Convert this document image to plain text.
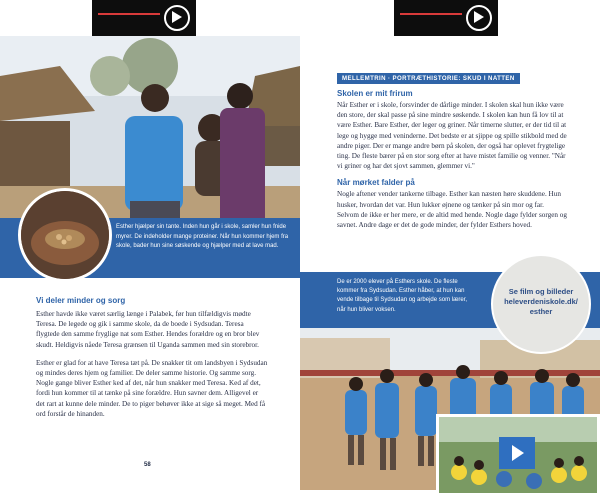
Esther hjælper sin tante. Inden hun går i skole, samler hun fnide myrer. De indeholder mange proteiner. Når hun kommer hjem fra skole, bader hun sine søskende og hjælper med at lave mad.
Vi deler minder og sorg
Esther havde ikke været særlig længe i Palabek, før hun tilfældigvis mødte Teresa. De legede og gik i samme skole, da de boede i Sydsudan. Teresa flygtede den samme fryglige nat som Esther. Hendes forældre og en bror blev skudt. Heldigvis nåede Teresa grænsen til Uganda sammen med sin storebror.
Esther er glad for at have Teresa tæt på. De snakker tit om landsbyen i Sydsudan og mindes deres hjem og familier. De deler samme historie. Og samme sorg. Nogle gange bliver Esther ked af det, når hun snakker med Teresa. Ked af det, fordi hun kommer til at tænke på sine forældre. Hun savner dem. Alligevel er det rart at kunne dele minder. De to piger behøver ikke at sige så meget. Med få ord forstår de hinanden.
58
MELLEMTRIN · PORTRÆTHISTORIE: SKUD I NATTEN
Skolen er mit frirum
Når Esther er i skole, forsvinder de dårlige minder. I skolen skal hun ikke være den store, der skal passe på sine mindre søskende. I skolen kan hun få lov til at være Esther. Bare Esther, der leger og griner. Når timerne slutter, er der tid til at lege og hygge med veninderne. Det bedste er at sjippe og spille stikbold med de andre piger. Der er mange andre børn på skolen, der også har oplevet frygtelige ting. De fleste bærer på en stor sorg efter at have mistet familie og venner. "Når vi griner og har det sjovt sammen, glemmer vi."
Når mørket falder på
Nogle aftener vender tankerne tilbage. Esther kan næsten høre skuddene. Hun husker, hvordan det var. Hun lukker øjnene og tænker på sin mor og far. Selvom de ikke er her mere, er de altid med hende. Nogle dage fylder sorgen og savnet. Andre dage er det de gode minder, der fylder Esthers hoved.
De er 2000 elever på Esthers skole. De fleste kommer fra Sydsudan. Esther håber, at hun kan vende tilbage til Sydsudan og arbejde som lærer, når hun bliver voksen.
Se film og billeder
heleverdeniskole.dk/
esther
